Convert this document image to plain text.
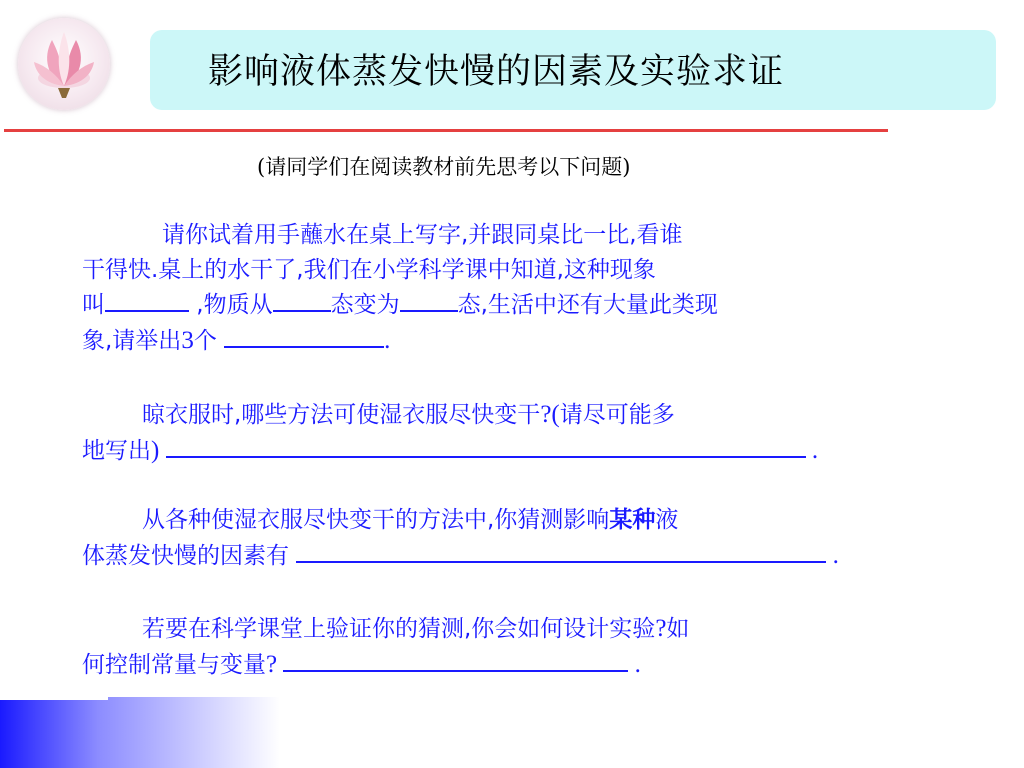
影响液体蒸发快慢的因素及实验求证
(请同学们在阅读教材前先思考以下问题)
请你试着用手蘸水在桌上写字,并跟同桌比一比,看谁
干得快.桌上的水干了,我们在小学科学课中知道,这种现象
叫	,物质从	态变为	态,生活中还有大量此类现
象,请举出3个	.
晾衣服时,哪些方法可使湿衣服尽快变干?(请尽可能多
地写出)	.
从各种使湿衣服尽快变干的方法中,你猜测影响某种液
体蒸发快慢的因素有	.
若要在科学课堂上验证你的猜测,你会如何设计实验?如
何控制常量与变量?	.
